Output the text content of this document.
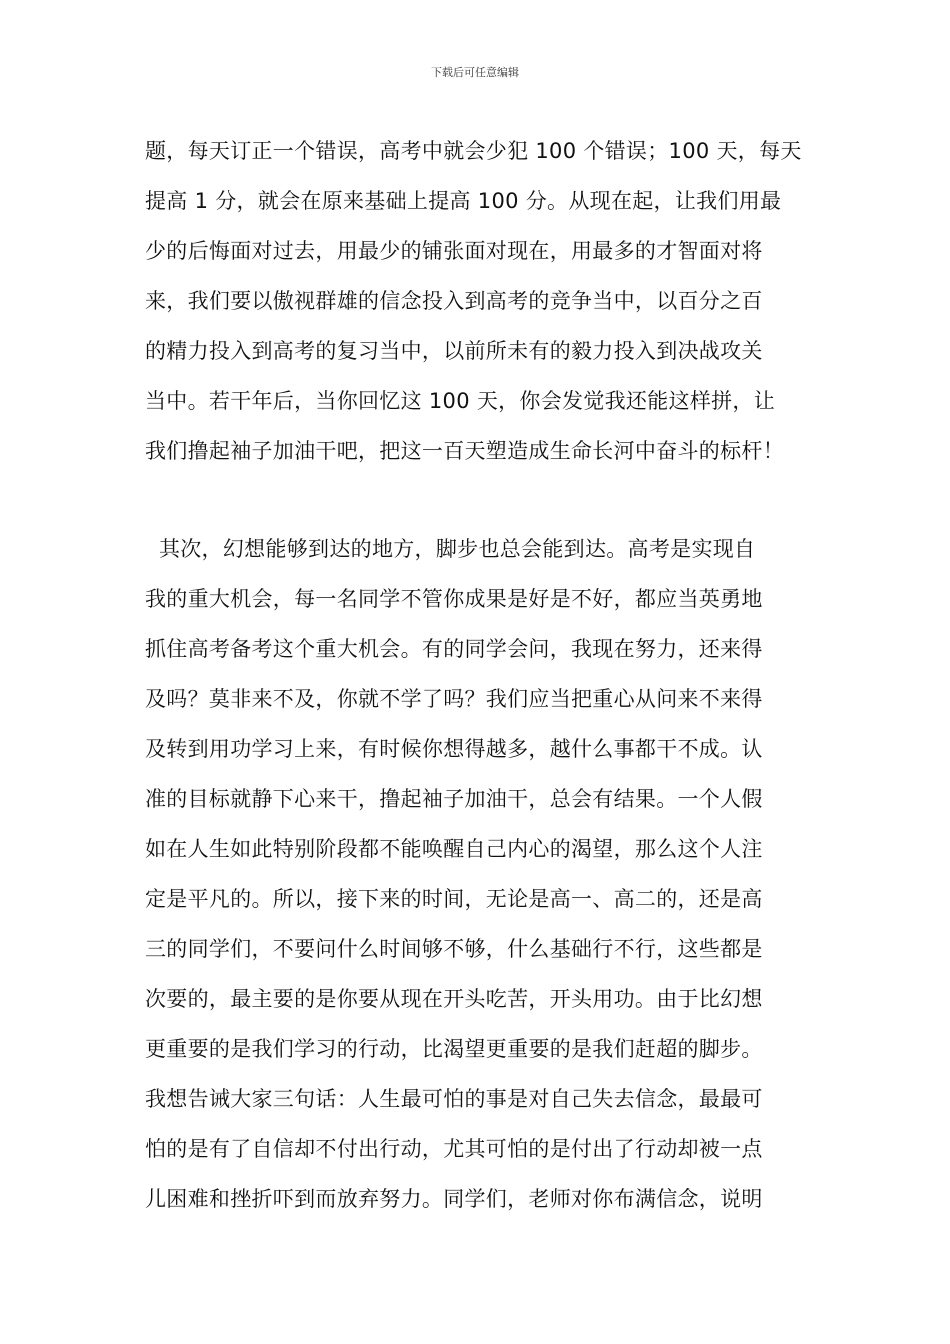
下载后可任意编辑
题，每天订正一个错误，高考中就会少犯 100 个错误；100 天，每天
提高 1 分，就会在原来基础上提高 100 分。从现在起，让我们用最
少的后悔面对过去，用最少的铺张面对现在，用最多的才智面对将
来，我们要以傲视群雄的信念投入到高考的竞争当中，以百分之百
的精力投入到高考的复习当中，以前所未有的毅力投入到决战攻关
当中。若干年后，当你回忆这 100 天，你会发觉我还能这样拼，让
我们撸起袖子加油干吧，把这一百天塑造成生命长河中奋斗的标杆！
其次，幻想能够到达的地方，脚步也总会能到达。高考是实现自
我的重大机会，每一名同学不管你成果是好是不好，都应当英勇地
抓住高考备考这个重大机会。有的同学会问，我现在努力，还来得
及吗？莫非来不及，你就不学了吗？我们应当把重心从问来不来得
及转到用功学习上来，有时候你想得越多，越什么事都干不成。认
准的目标就静下心来干，撸起袖子加油干，总会有结果。一个人假
如在人生如此特别阶段都不能唤醒自己内心的渴望，那么这个人注
定是平凡的。所以，接下来的时间，无论是高一、高二的，还是高
三的同学们，不要问什么时间够不够，什么基础行不行，这些都是
次要的，最主要的是你要从现在开头吃苦，开头用功。由于比幻想
更重要的是我们学习的行动，比渴望更重要的是我们赶超的脚步。
我想告诫大家三句话：人生最可怕的事是对自己失去信念，最最可
怕的是有了自信却不付出行动，尤其可怕的是付出了行动却被一点
儿困难和挫折吓到而放弃努力。同学们，老师对你布满信念，说明
